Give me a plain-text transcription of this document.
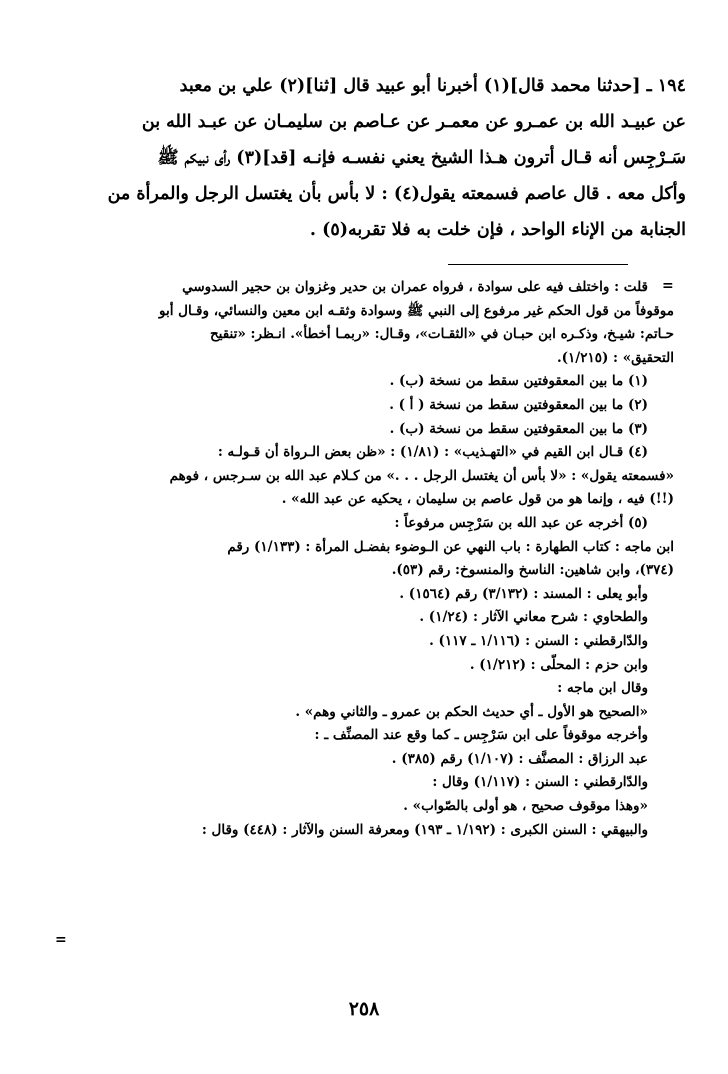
١٩٤ ـ [حدثنا محمد قال](١) أخبرنا أبو عبيد قال [ثنا](٢) علي بن معبد
عن عبيـد الله بن عمـرو عن معمـر عن عـاصم بن سليمـان عن عبـد الله بن
سَـرْجِس أنه قـال أترون هـذا الشيخ يعني نفسـه فإنـه [قد](٣) رأى نبيكم ﷺ
وأكل معه . قال عاصم فسمعته يقول(٤) : لا بأس بأن يغتسل الرجل والمرأة من
الجنابة من الإناء الواحد ، فإن خلت به فلا تقربه(٥) .
=
قلت : واختلف فيه على سوادة ، فرواه عمران بن حدير وغزوان بن حجير السدوسي
موقوفاً من قول الحكم غير مرفوع إلى النبي ﷺ وسوادة وثقـه ابن معين والنسائي، وقـال أبو
حـاتم: شيـخ، وذكـره ابن حبـان في «الثقـات»، وقـال: «ربمـا أخطأ». انـظر: «تنقيح
التحقيق» : (١/٢١٥).
(١) ما بين المعقوفتين سقط من نسخة (ب) .
(٢) ما بين المعقوفتين سقط من نسخة ( أ ) .
(٣) ما بين المعقوفتين سقط من نسخة (ب) .
(٤) قـال ابن القيم في «التهـذيب» : (١/٨١) : «ظن بعض الـرواة أن قـولـه :
«فسمعته يقول» : «لا بأس أن يغتسل الرجل . . .» من كـلام عبد الله بن سـرجس ، فوهم
(!!) فيه ، وإنما هو من قول عاصم بن سليمان ، يحكيه عن عبد الله» .
(٥) أخرجه عن عبد الله بن سَرْجِس مرفوعاً :
ابن ماجه : كتاب الطهارة : باب النهي عن الـوضوء بفضـل المرأة : (١/١٣٣) رقم
(٣٧٤)، وابن شاهين: الناسخ والمنسوخ: رقم (٥٣).
وأبو يعلى : المسند : (٣/١٣٢) رقم (١٥٦٤) .
والطحاوي : شرح معاني الآثار : (١/٢٤) .
والدّارقطني : السنن : (١/١١٦ ـ ١١٧) .
وابن حزم : المحلّى : (١/٢١٢) .
وقال ابن ماجه :
«الصحيح هو الأول ـ أي حديث الحكم بن عمرو ـ والثاني وهم» .
وأخرجه موقوفاً على ابن سَرْجِس ـ كما وقع عند المصنِّف ـ :
عبد الرزاق : المصنَّف : (١/١٠٧) رقم (٣٨٥) .
والدّارقطني : السنن : (١/١١٧) وقال :
«وهذا موقوف صحيح ، هو أولى بالصّواب» .
والبيهقي : السنن الكبرى : (١/١٩٢ ـ ١٩٣) ومعرفة السنن والآثار : (٤٤٨) وقال :
=
٢٥٨
